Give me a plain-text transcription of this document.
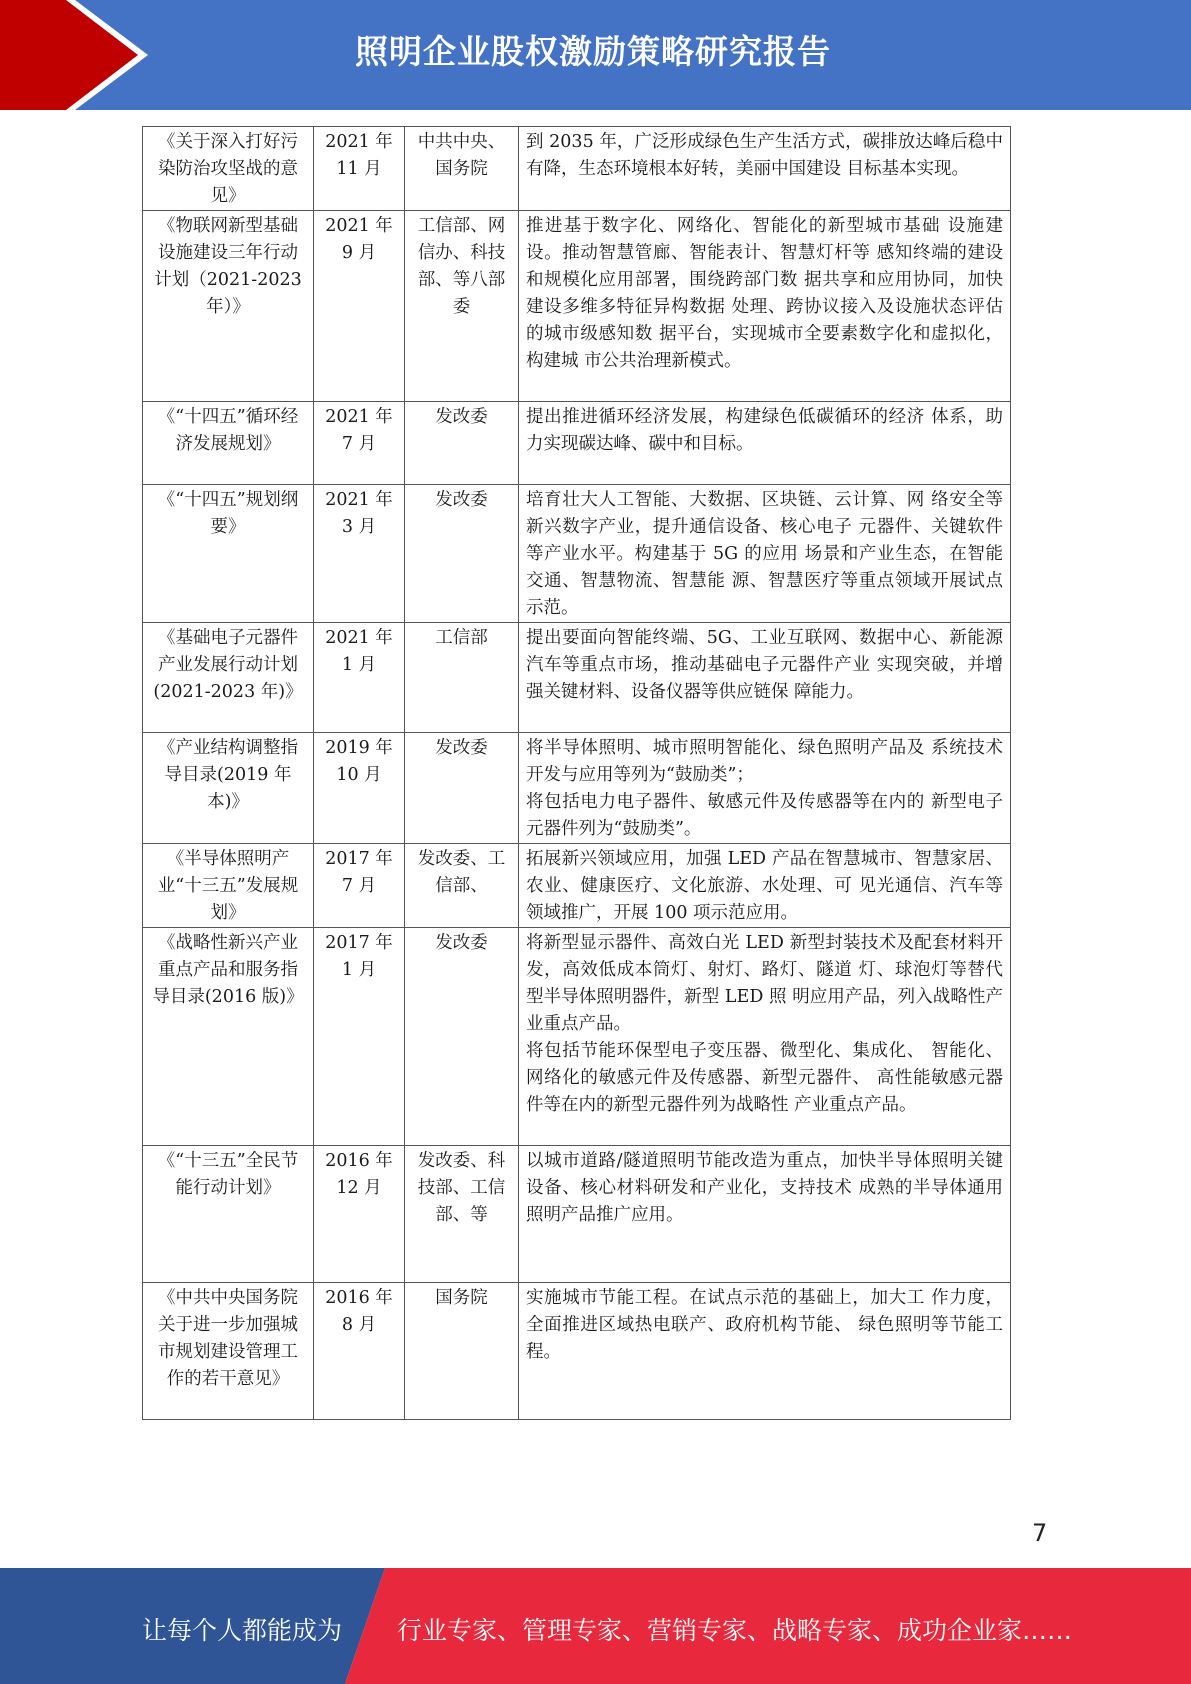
照明企业股权激励策略研究报告
《关于深入打好污染防治攻坚战的意见》	2021 年 11 月	中共中央、国务院	到 2035 年，广泛形成绿色生产生活方式，碳排放达峰后稳中有降，生态环境根本好转，美丽中国建设 目标基本实现。

《物联网新型基础设施建设三年行动计划（2021-2023 年）》	2021 年 9 月	工信部、网信办、科技部、等八部委	推进基于数字化、网络化、智能化的新型城市基础 设施建设。推动智慧管廊、智能表计、智慧灯杆等 感知终端的建设和规模化应用部署，围绕跨部门数 据共享和应用协同，加快建设多维多特征异构数据 处理、跨协议接入及设施状态评估的城市级感知数 据平台，实现城市全要素数字化和虚拟化，构建城 市公共治理新模式。

《“十四五”循环经济发展规划》	2021 年 7 月	发改委	提出推进循环经济发展，构建绿色低碳循环的经济 体系，助力实现碳达峰、碳中和目标。

《“十四五”规划纲要》	2021 年 3 月	发改委	培育壮大人工智能、大数据、区块链、云计算、网 络安全等新兴数字产业，提升通信设备、核心电子 元器件、关键软件等产业水平。构建基于 5G 的应用 场景和产业生态，在智能交通、智慧物流、智慧能 源、智慧医疗等重点领域开展试点示范。

《基础电子元器件产业发展行动计划(2021-2023 年)》	2021 年 1 月	工信部	提出要面向智能终端、5G、工业互联网、数据中心、新能源汽车等重点市场，推动基础电子元器件产业 实现突破，并增强关键材料、设备仪器等供应链保 障能力。

《产业结构调整指导目录(2019 年本)》	2019 年 10 月	发改委	将半导体照明、城市照明智能化、绿色照明产品及 系统技术开发与应用等列为“鼓励类”；
将包括电力电子器件、敏感元件及传感器等在内的 新型电子元器件列为“鼓励类”。

《半导体照明产业“十三五”发展规划》	2017 年 7 月	发改委、工信部、	拓展新兴领域应用，加强 LED 产品在智慧城市、智慧家居、农业、健康医疗、文化旅游、水处理、可 见光通信、汽车等领域推广，开展 100 项示范应用。

《战略性新兴产业重点产品和服务指导目录(2016 版)》	2017 年 1 月	发改委	将新型显示器件、高效白光 LED 新型封装技术及配套材料开发，高效低成本筒灯、射灯、路灯、隧道 灯、球泡灯等替代型半导体照明器件，新型 LED 照 明应用产品，列入战略性产业重点产品。
将包括节能环保型电子变压器、微型化、集成化、 智能化、网络化的敏感元件及传感器、新型元器件、 高性能敏感元器件等在内的新型元器件列为战略性 产业重点产品。

《“十三五”全民节能行动计划》	2016 年 12 月	发改委、科技部、工信部、等	以城市道路/隧道照明节能改造为重点，加快半导体照明关键设备、核心材料研发和产业化，支持技术 成熟的半导体通用照明产品推广应用。

《中共中央国务院关于进一步加强城市规划建设管理工作的若干意见》	2016 年 8 月	国务院	实施城市节能工程。在试点示范的基础上，加大工 作力度，全面推进区域热电联产、政府机构节能、 绿色照明等节能工程。
7
让每个人都能成为 行业专家、管理专家、营销专家、战略专家、成功企业家……
